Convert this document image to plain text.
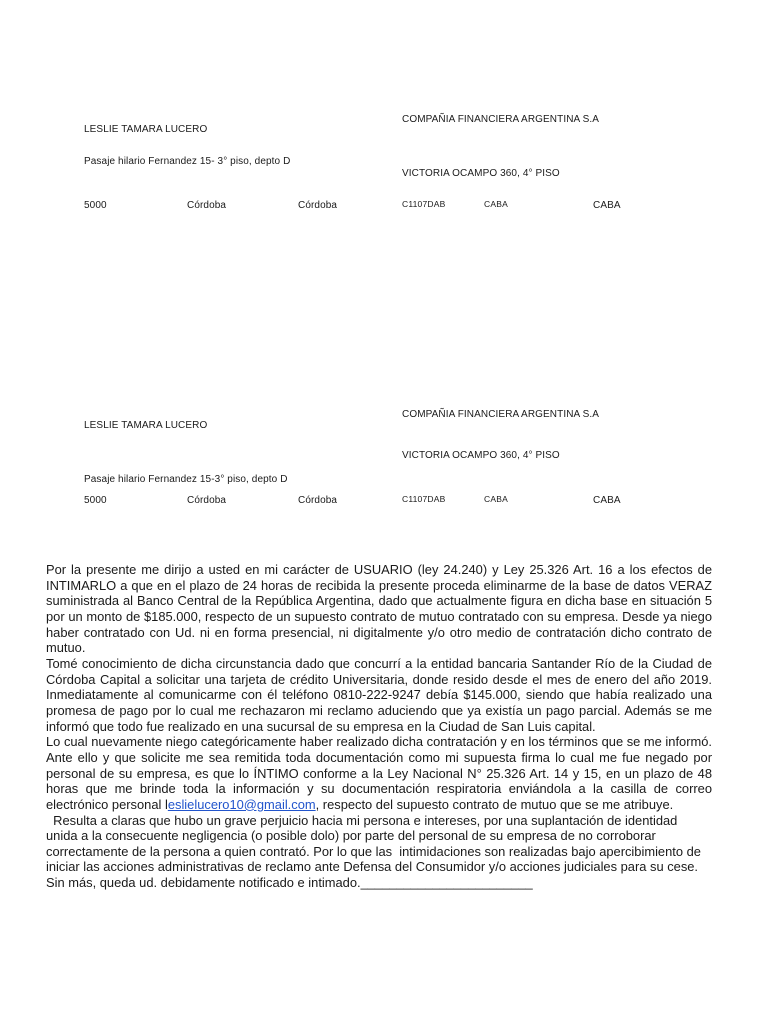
COMPAÑIA FINANCIERA ARGENTINA S.A
LESLIE TAMARA LUCERO
Pasaje hilario Fernandez 15- 3° piso, depto D
VICTORIA OCAMPO 360, 4° PISO
5000	Córdoba	Córdoba	C1107DAB	CABA	CABA
COMPAÑIA FINANCIERA ARGENTINA S.A
LESLIE TAMARA LUCERO
VICTORIA OCAMPO 360, 4° PISO
Pasaje hilario Fernandez 15-3° piso, depto D
5000	Córdoba	Córdoba	C1107DAB	CABA	CABA

Por la presente me dirijo a usted en mi carácter de USUARIO (ley 24.240) y Ley 25.326 Art. 16 a los efectos de INTIMARLO a que en el plazo de 24 horas de recibida la presente proceda eliminarme de la base de datos VERAZ suministrada al Banco Central de la República Argentina, dado que actualmente figura en dicha base en situación 5 por un monto de $185.000, respecto de un supuesto contrato de mutuo contratado con su empresa. Desde ya niego haber contratado con Ud. ni en forma presencial, ni digitalmente y/o otro medio de contratación dicho contrato de mutuo.

Tomé conocimiento de dicha circunstancia dado que concurrí a la entidad bancaria Santander Río de la Ciudad de Córdoba Capital a solicitar una tarjeta de crédito Universitaria, donde resido desde el mes de enero del año 2019. Inmediatamente al comunicarme con él teléfono 0810-222-9247 debía $145.000, siendo que había realizado una promesa de pago por lo cual me rechazaron mi reclamo aduciendo que ya existía un pago parcial. Además se me informó que todo fue realizado en una sucursal de su empresa en la Ciudad de San Luis capital.

Lo cual nuevamente niego categóricamente haber realizado dicha contratación y en los términos que se me informó. Ante ello y que solicite me sea remitida toda documentación como mi supuesta firma lo cual me fue negado por personal de su empresa, es que lo ÍNTIMO conforme a la Ley Nacional N° 25.326 Art. 14 y 15, en un plazo de 48 horas que me brinde toda la información y su documentación respiratoria enviándola a la casilla de correo electrónico personal leslielucero10@gmail.com, respecto del supuesto contrato de mutuo que se me atribuye.

Resulta a claras que hubo un grave perjuicio hacia mi persona e intereses, por una suplantación de identidad unida a la consecuente negligencia (o posible dolo) por parte del personal de su empresa de no corroborar correctamente de la persona a quien contrató. Por lo que las  intimidaciones son realizadas bajo apercibimiento de iniciar las acciones administrativas de reclamo ante Defensa del Consumidor y/o acciones judiciales para su cese.  Sin más, queda ud. debidamente notificado e intimado.________________________
